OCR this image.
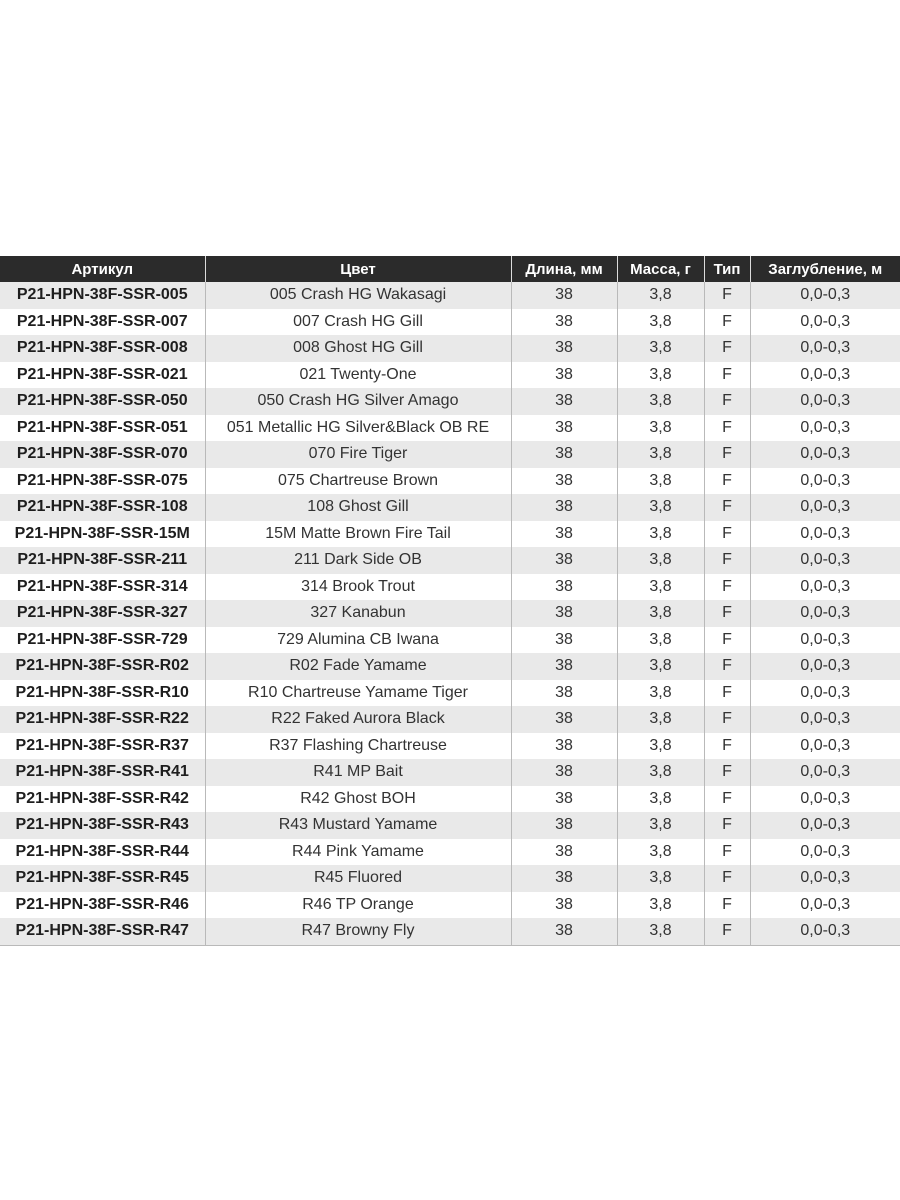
Артикул	Цвет	Длина, мм	Масса, г	Тип	Заглубление, м
P21-HPN-38F-SSR-005	005 Crash HG Wakasagi	38	3,8	F	0,0-0,3
P21-HPN-38F-SSR-007	007 Crash HG Gill	38	3,8	F	0,0-0,3
P21-HPN-38F-SSR-008	008 Ghost HG Gill	38	3,8	F	0,0-0,3
P21-HPN-38F-SSR-021	021 Twenty-One	38	3,8	F	0,0-0,3
P21-HPN-38F-SSR-050	050 Crash HG Silver Amago	38	3,8	F	0,0-0,3
P21-HPN-38F-SSR-051	051 Metallic HG Silver&Black OB RE	38	3,8	F	0,0-0,3
P21-HPN-38F-SSR-070	070 Fire Tiger	38	3,8	F	0,0-0,3
P21-HPN-38F-SSR-075	075 Chartreuse Brown	38	3,8	F	0,0-0,3
P21-HPN-38F-SSR-108	108 Ghost Gill	38	3,8	F	0,0-0,3
P21-HPN-38F-SSR-15M	15M Matte Brown Fire Tail	38	3,8	F	0,0-0,3
P21-HPN-38F-SSR-211	211 Dark Side OB	38	3,8	F	0,0-0,3
P21-HPN-38F-SSR-314	314 Brook Trout	38	3,8	F	0,0-0,3
P21-HPN-38F-SSR-327	327 Kanabun	38	3,8	F	0,0-0,3
P21-HPN-38F-SSR-729	729 Alumina CB Iwana	38	3,8	F	0,0-0,3
P21-HPN-38F-SSR-R02	R02 Fade Yamame	38	3,8	F	0,0-0,3
P21-HPN-38F-SSR-R10	R10 Chartreuse Yamame Tiger	38	3,8	F	0,0-0,3
P21-HPN-38F-SSR-R22	R22 Faked Aurora Black	38	3,8	F	0,0-0,3
P21-HPN-38F-SSR-R37	R37 Flashing Chartreuse	38	3,8	F	0,0-0,3
P21-HPN-38F-SSR-R41	R41 MP Bait	38	3,8	F	0,0-0,3
P21-HPN-38F-SSR-R42	R42 Ghost BOH	38	3,8	F	0,0-0,3
P21-HPN-38F-SSR-R43	R43 Mustard Yamame	38	3,8	F	0,0-0,3
P21-HPN-38F-SSR-R44	R44 Pink Yamame	38	3,8	F	0,0-0,3
P21-HPN-38F-SSR-R45	R45 Fluored	38	3,8	F	0,0-0,3
P21-HPN-38F-SSR-R46	R46 TP Orange	38	3,8	F	0,0-0,3
P21-HPN-38F-SSR-R47	R47 Browny Fly	38	3,8	F	0,0-0,3
